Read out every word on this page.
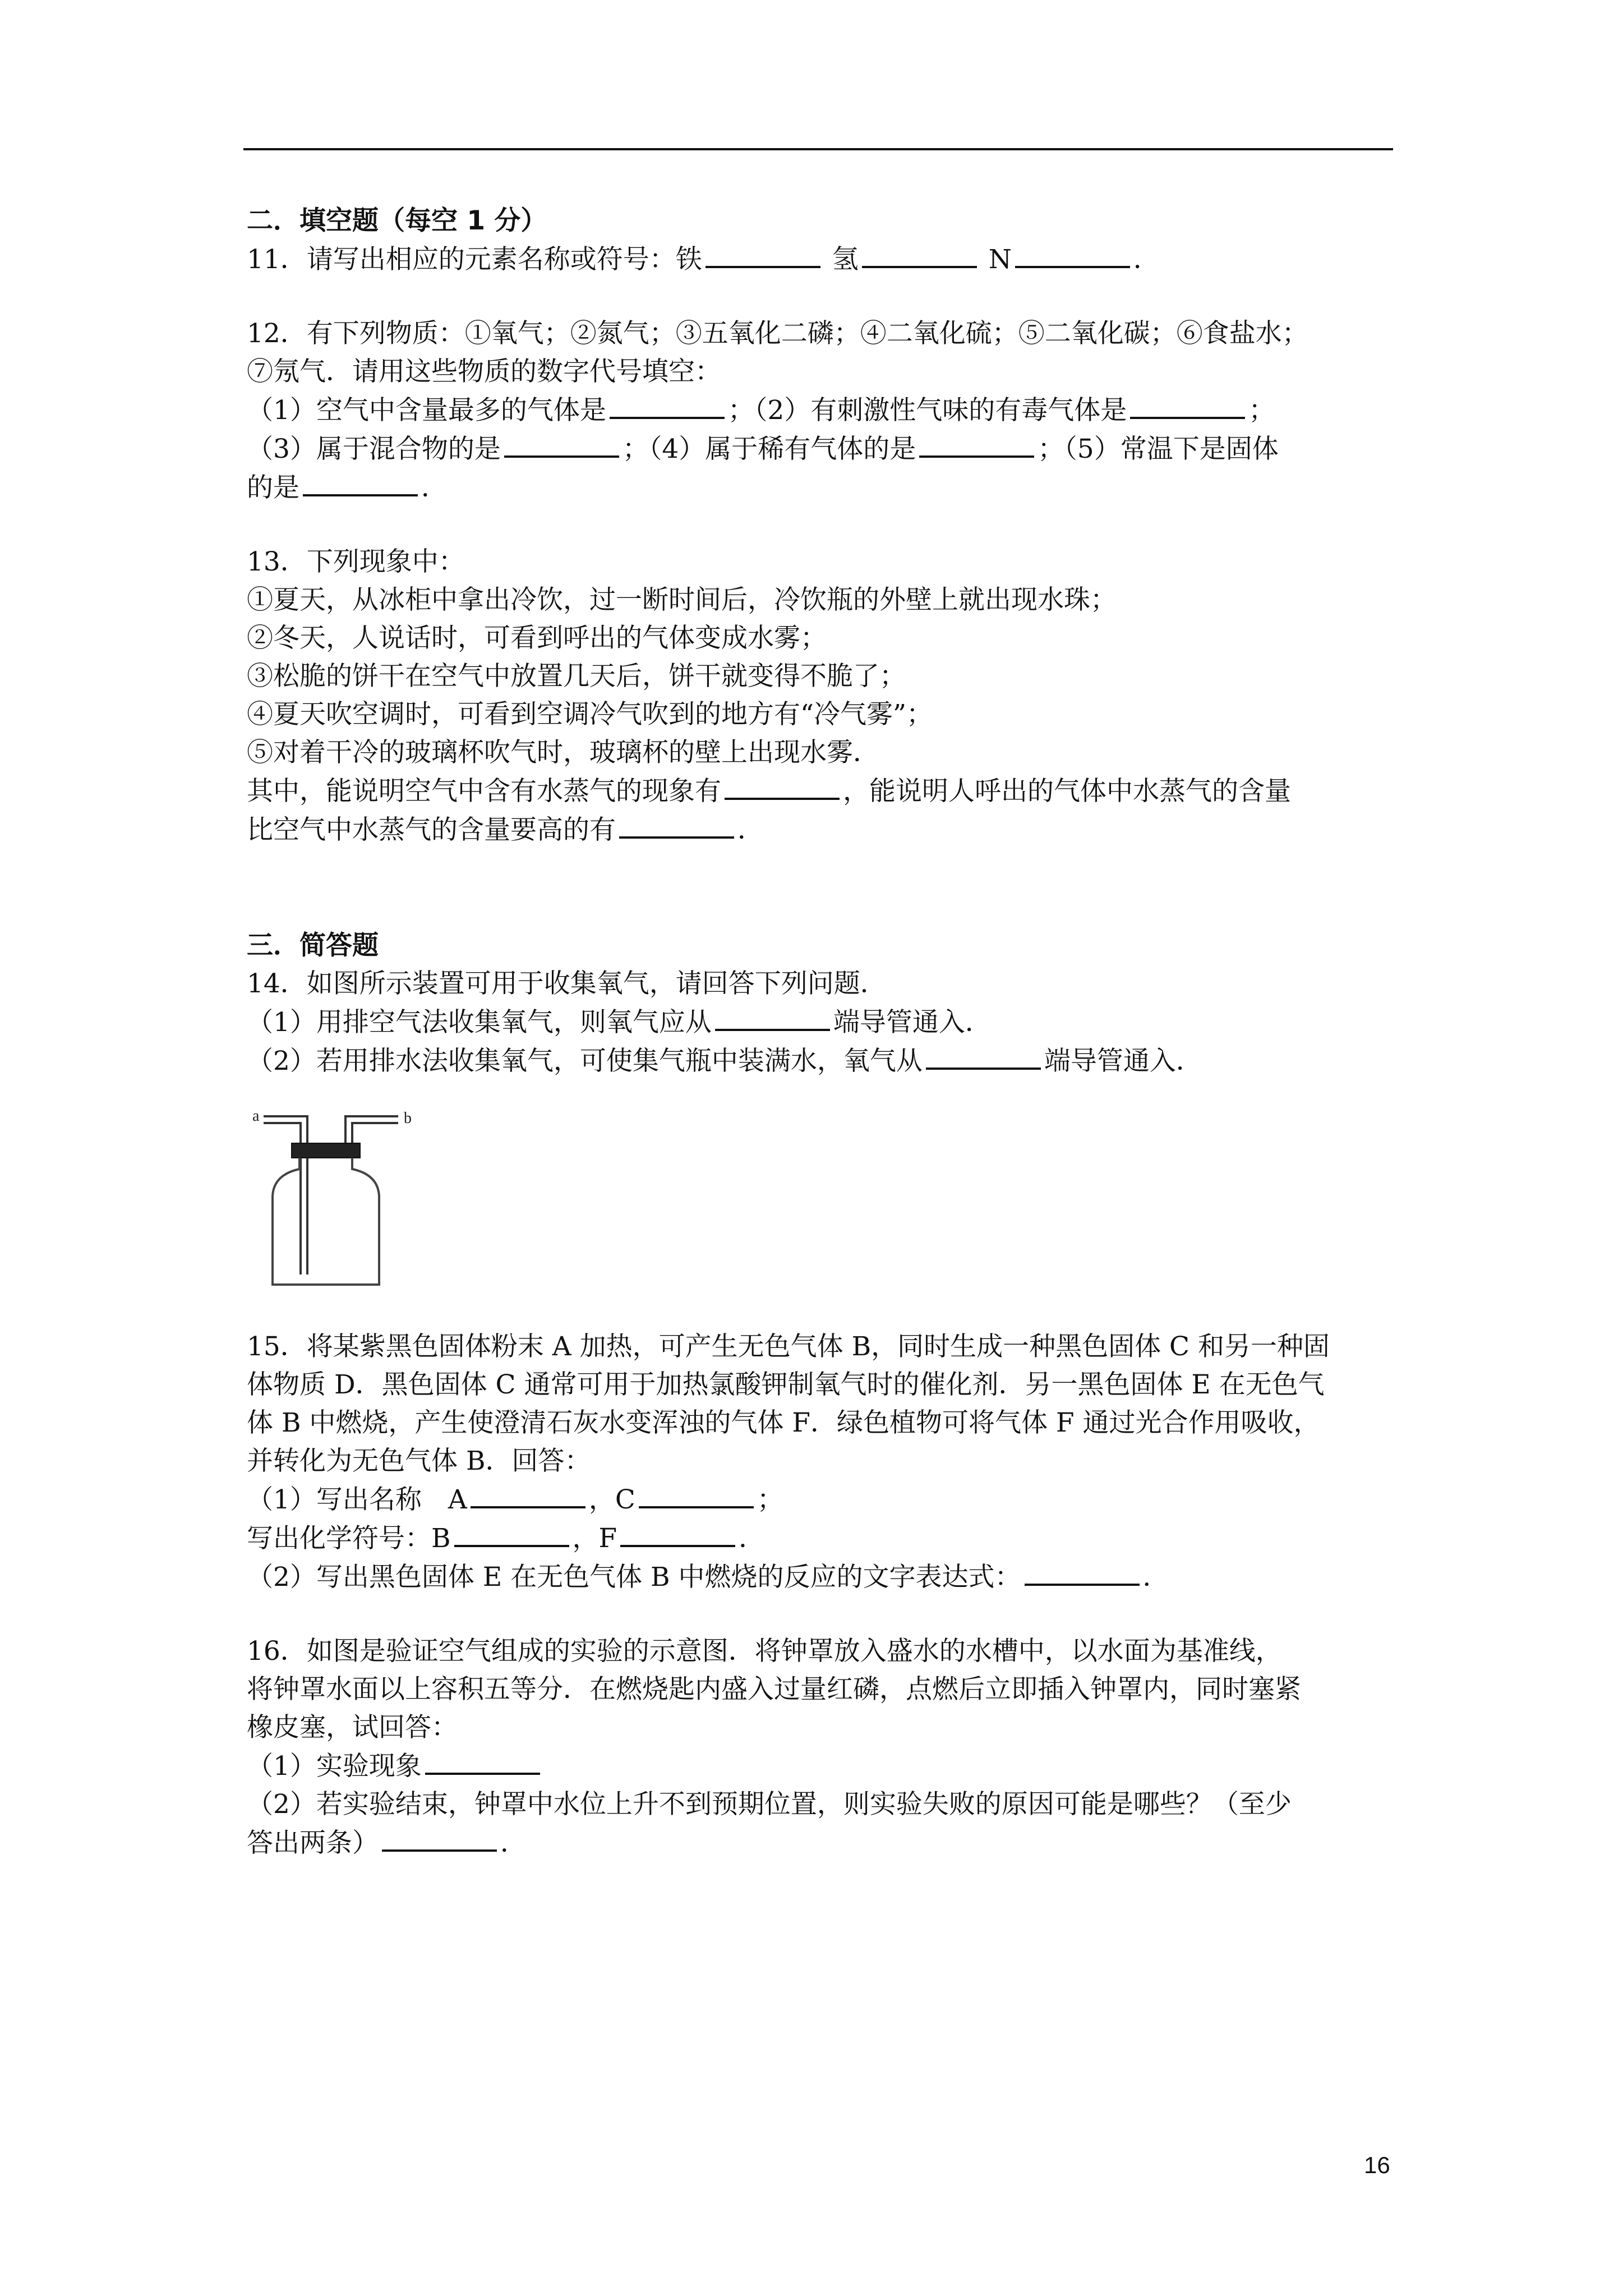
二．填空题（每空 1 分）
11．请写出相应的元素名称或符号：铁	氢	N	．
12．有下列物质：①氧气；②氮气；③五氧化二磷；④二氧化硫；⑤二氧化碳；⑥食盐水；
⑦氖气．请用这些物质的数字代号填空：
（1）空气中含量最多的气体是	；（2）有刺激性气味的有毒气体是	；
（3）属于混合物的是	；（4）属于稀有气体的是	；（5）常温下是固体
的是	．
13．下列现象中：
①夏天，从冰柜中拿出冷饮，过一断时间后，冷饮瓶的外壁上就出现水珠；
②冬天，人说话时，可看到呼出的气体变成水雾；
③松脆的饼干在空气中放置几天后，饼干就变得不脆了；
④夏天吹空调时，可看到空调冷气吹到的地方有“冷气雾”；
⑤对着干冷的玻璃杯吹气时，玻璃杯的壁上出现水雾．
其中，能说明空气中含有水蒸气的现象有	，能说明人呼出的气体中水蒸气的含量
比空气中水蒸气的含量要高的有	．
三．简答题
14．如图所示装置可用于收集氧气，请回答下列问题．
（1）用排空气法收集氧气，则氧气应从	端导管通入．
（2）若用排水法收集氧气，可使集气瓶中装满水，氧气从	端导管通入．
a	b
15．将某紫黑色固体粉末 A 加热，可产生无色气体 B，同时生成一种黑色固体 C 和另一种固
体物质 D．黑色固体 C 通常可用于加热氯酸钾制氧气时的催化剂．另一黑色固体 E 在无色气
体 B 中燃烧，产生使澄清石灰水变浑浊的气体 F．绿色植物可将气体 F 通过光合作用吸收，
并转化为无色气体 B．回答：
（1）写出名称　A	，C	；
写出化学符号：B	，F	．
（2）写出黑色固体 E 在无色气体 B 中燃烧的反应的文字表达式：	．
16．如图是验证空气组成的实验的示意图．将钟罩放入盛水的水槽中，以水面为基准线，
将钟罩水面以上容积五等分．在燃烧匙内盛入过量红磷，点燃后立即插入钟罩内，同时塞紧
橡皮塞，试回答：
（1）实验现象
（2）若实验结束，钟罩中水位上升不到预期位置，则实验失败的原因可能是哪些？（至少
答出两条）	．
16
